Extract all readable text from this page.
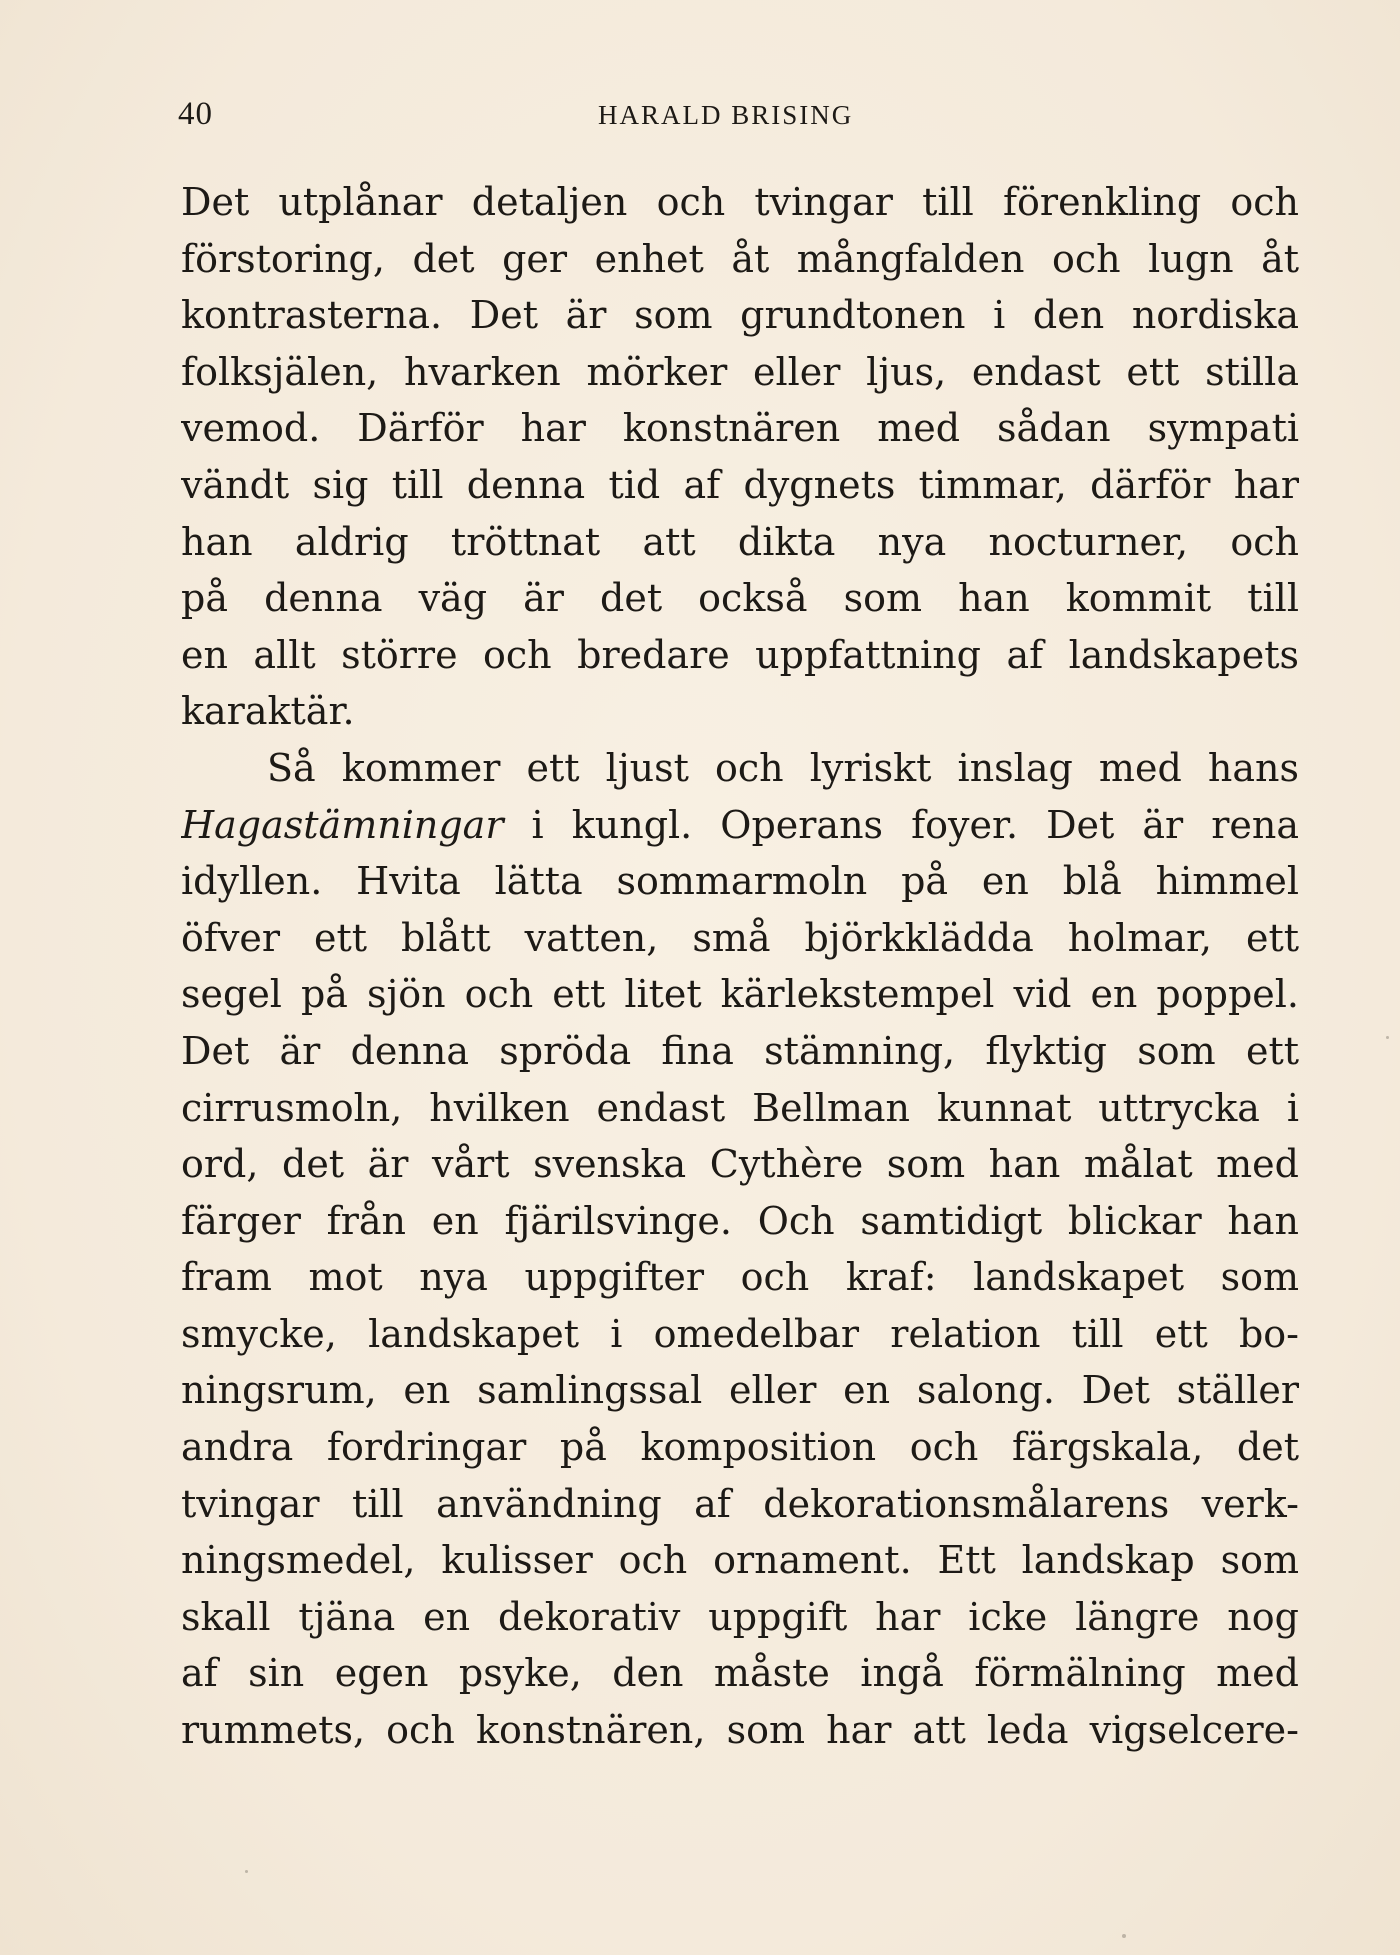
40	HARALD BRISING
Det utplånar detaljen och tvingar till förenkling och
förstoring, det ger enhet åt mångfalden och lugn åt
kontrasterna. Det är som grundtonen i den nordiska
folksjälen, hvarken mörker eller ljus, endast ett stilla
vemod. Därför har konstnären med sådan sympati
vändt sig till denna tid af dygnets timmar, därför har
han aldrig tröttnat att dikta nya nocturner, och
på denna väg är det också som han kommit till
en allt större och bredare uppfattning af landskapets
karaktär.
Så kommer ett ljust och lyriskt inslag med hans
Hagastämningar i kungl. Operans foyer. Det är rena
idyllen. Hvita lätta sommarmoln på en blå himmel
öfver ett blått vatten, små björkklädda holmar, ett
segel på sjön och ett litet kärlekstempel vid en poppel.
Det är denna spröda fina stämning, flyktig som ett
cirrusmoln, hvilken endast Bellman kunnat uttrycka i
ord, det är vårt svenska Cythère som han målat med
färger från en fjärilsvinge. Och samtidigt blickar han
fram mot nya uppgifter och kraf: landskapet som
smycke, landskapet i omedelbar relation till ett bo-
ningsrum, en samlingssal eller en salong. Det ställer
andra fordringar på komposition och färgskala, det
tvingar till användning af dekorationsmålarens verk-
ningsmedel, kulisser och ornament. Ett landskap som
skall tjäna en dekorativ uppgift har icke längre nog
af sin egen psyke, den måste ingå förmälning med
rummets, och konstnären, som har att leda vigselcere-
